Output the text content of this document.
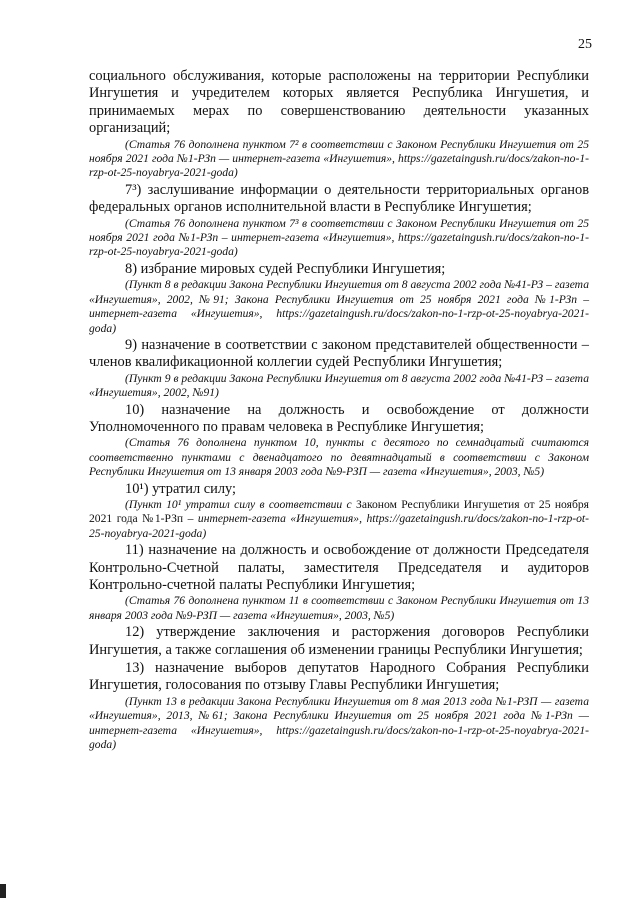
25

социального обслуживания, которые расположены на территории Республики Ингушетия и учредителем которых является Республика Ингушетия, и принимаемых мерах по совершенствованию деятельности указанных организаций;

(Статья 76 дополнена пунктом 7² в соответствии с Законом Республики Ингушетия от 25 ноября 2021 года №1-РЗп — интернет-газета «Ингушетия», https://gazetaingush.ru/docs/zakon-no-1-rzp-ot-25-noyabrya-2021-goda)

7³) заслушивание информации о деятельности территориальных органов федеральных органов исполнительной власти в Республике Ингушетия;

(Статья 76 дополнена пунктом 7³ в соответствии с Законом Республики Ингушетия от 25 ноября 2021 года №1-РЗп – интернет-газета «Ингушетия», https://gazetaingush.ru/docs/zakon-no-1-rzp-ot-25-noyabrya-2021-goda)

8) избрание мировых судей Республики Ингушетия;

(Пункт 8 в редакции Закона Республики Ингушетия от 8 августа 2002 года №41-РЗ – газета «Ингушетия», 2002, №91; Закона Республики Ингушетия от 25 ноября 2021 года №1-РЗп – интернет-газета «Ингушетия», https://gazetaingush.ru/docs/zakon-no-1-rzp-ot-25-noyabrya-2021-goda)

9) назначение в соответствии с законом представителей общественности – членов квалификационной коллегии судей Республики Ингушетия;

(Пункт 9 в редакции Закона Республики Ингушетия от 8 августа 2002 года №41-РЗ – газета «Ингушетия», 2002, №91)

10) назначение на должность и освобождение от должности Уполномоченного по правам человека в Республике Ингушетия;

(Статья 76 дополнена пунктом 10, пункты с десятого по семнадцатый считаются соответственно пунктами с двенадцатого по девятнадцатый в соответствии с Законом Республики Ингушетия от 13 января 2003 года №9-РЗП — газета «Ингушетия», 2003, №5)

10¹) утратил силу;

(Пункт 10¹ утратил силу в соответствии с Законом Республики Ингушетия от 25 ноября 2021 года №1-РЗп – интернет-газета «Ингушетия», https://gazetaingush.ru/docs/zakon-no-1-rzp-ot-25-noyabrya-2021-goda)

11) назначение на должность и освобождение от должности Председателя Контрольно-Счетной палаты, заместителя Председателя и аудиторов Контрольно-счетной палаты Республики Ингушетия;

(Статья 76 дополнена пунктом 11 в соответствии с Законом Республики Ингушетия от 13 января 2003 года №9-РЗП — газета «Ингушетия», 2003, №5)

12) утверждение заключения и расторжения договоров Республики Ингушетия, а также соглашения об изменении границы Республики Ингушетия;

13) назначение выборов депутатов Народного Собрания Республики Ингушетия, голосования по отзыву Главы Республики Ингушетия;

(Пункт 13 в редакции Закона Республики Ингушетия от 8 мая 2013 года №1-РЗП — газета «Ингушетия», 2013, №61; Закона Республики Ингушетия от 25 ноября 2021 года №1-РЗп — интернет-газета «Ингушетия», https://gazetaingush.ru/docs/zakon-no-1-rzp-ot-25-noyabrya-2021-goda)
